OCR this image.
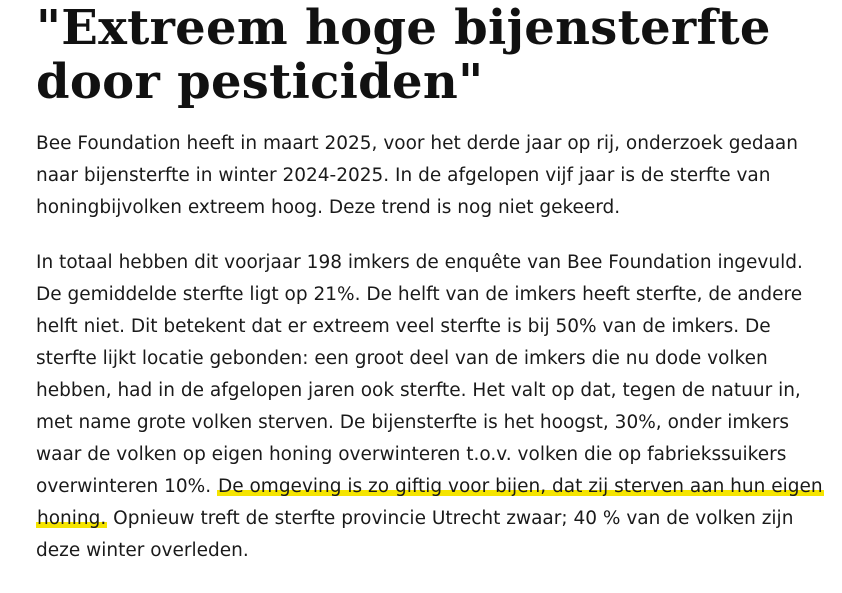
"Extreem hoge bijensterfte door pesticiden"

Bee Foundation heeft in maart 2025, voor het derde jaar op rij, onderzoek gedaan naar bijensterfte in winter 2024-2025. In de afgelopen vijf jaar is de sterfte van honingbijvolken extreem hoog. Deze trend is nog niet gekeerd.

In totaal hebben dit voorjaar 198 imkers de enquête van Bee Foundation ingevuld. De gemiddelde sterfte ligt op 21%. De helft van de imkers heeft sterfte, de andere helft niet. Dit betekent dat er extreem veel sterfte is bij 50% van de imkers. De sterfte lijkt locatie gebonden: een groot deel van de imkers die nu dode volken hebben, had in de afgelopen jaren ook sterfte. Het valt op dat, tegen de natuur in, met name grote volken sterven. De bijensterfte is het hoogst, 30%, onder imkers waar de volken op eigen honing overwinteren t.o.v. volken die op fabriekssuikers overwinteren 10%. De omgeving is zo giftig voor bijen, dat zij sterven aan hun eigen honing. Opnieuw treft de sterfte provincie Utrecht zwaar; 40 % van de volken zijn deze winter overleden.
